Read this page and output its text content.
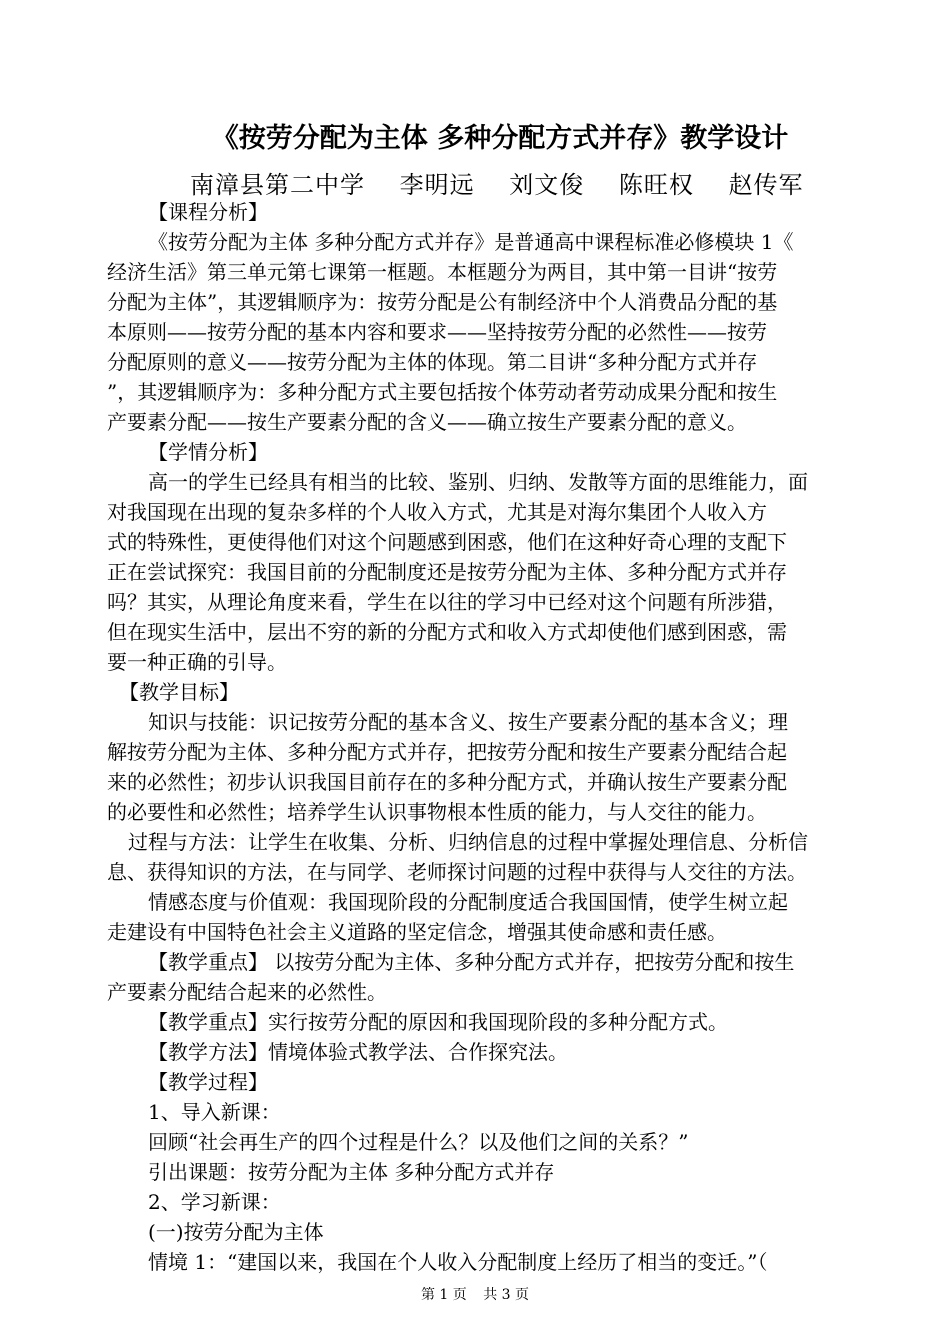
《按劳分配为主体 多种分配方式并存》教学设计
南漳县第二中学 李明远 刘文俊 陈旺权 赵传军
【课程分析】
《按劳分配为主体 多种分配方式并存》是普通高中课程标准必修模块 1《
经济生活》第三单元第七课第一框题。本框题分为两目，其中第一目讲“按劳
分配为主体”，其逻辑顺序为：按劳分配是公有制经济中个人消费品分配的基
本原则——按劳分配的基本内容和要求——坚持按劳分配的必然性——按劳
分配原则的意义——按劳分配为主体的体现。第二目讲“多种分配方式并存
”，其逻辑顺序为：多种分配方式主要包括按个体劳动者劳动成果分配和按生
产要素分配——按生产要素分配的含义——确立按生产要素分配的意义。
【学情分析】
高一的学生已经具有相当的比较、鉴别、归纳、发散等方面的思维能力，面
对我国现在出现的复杂多样的个人收入方式，尤其是对海尔集团个人收入方
式的特殊性，更使得他们对这个问题感到困惑，他们在这种好奇心理的支配下
正在尝试探究：我国目前的分配制度还是按劳分配为主体、多种分配方式并存
吗？其实，从理论角度来看，学生在以往的学习中已经对这个问题有所涉猎，
但在现实生活中，层出不穷的新的分配方式和收入方式却使他们感到困惑，需
要一种正确的引导。
【教学目标】
知识与技能：识记按劳分配的基本含义、按生产要素分配的基本含义；理
解按劳分配为主体、多种分配方式并存，把按劳分配和按生产要素分配结合起
来的必然性；初步认识我国目前存在的多种分配方式，并确认按生产要素分配
的必要性和必然性；培养学生认识事物根本性质的能力，与人交往的能力。
过程与方法：让学生在收集、分析、归纳信息的过程中掌握处理信息、分析信
息、获得知识的方法，在与同学、老师探讨问题的过程中获得与人交往的方法。
情感态度与价值观：我国现阶段的分配制度适合我国国情，使学生树立起
走建设有中国特色社会主义道路的坚定信念，增强其使命感和责任感。
【教学重点】 以按劳分配为主体、多种分配方式并存，把按劳分配和按生
产要素分配结合起来的必然性。
【教学重点】实行按劳分配的原因和我国现阶段的多种分配方式。
【教学方法】情境体验式教学法、合作探究法。
【教学过程】
1、导入新课：
回顾“社会再生产的四个过程是什么？以及他们之间的关系？”
引出课题：按劳分配为主体 多种分配方式并存
2、学习新课：
(一)按劳分配为主体
情境 1：“建国以来，我国在个人收入分配制度上经历了相当的变迁。”（
第 1 页 共 3 页
